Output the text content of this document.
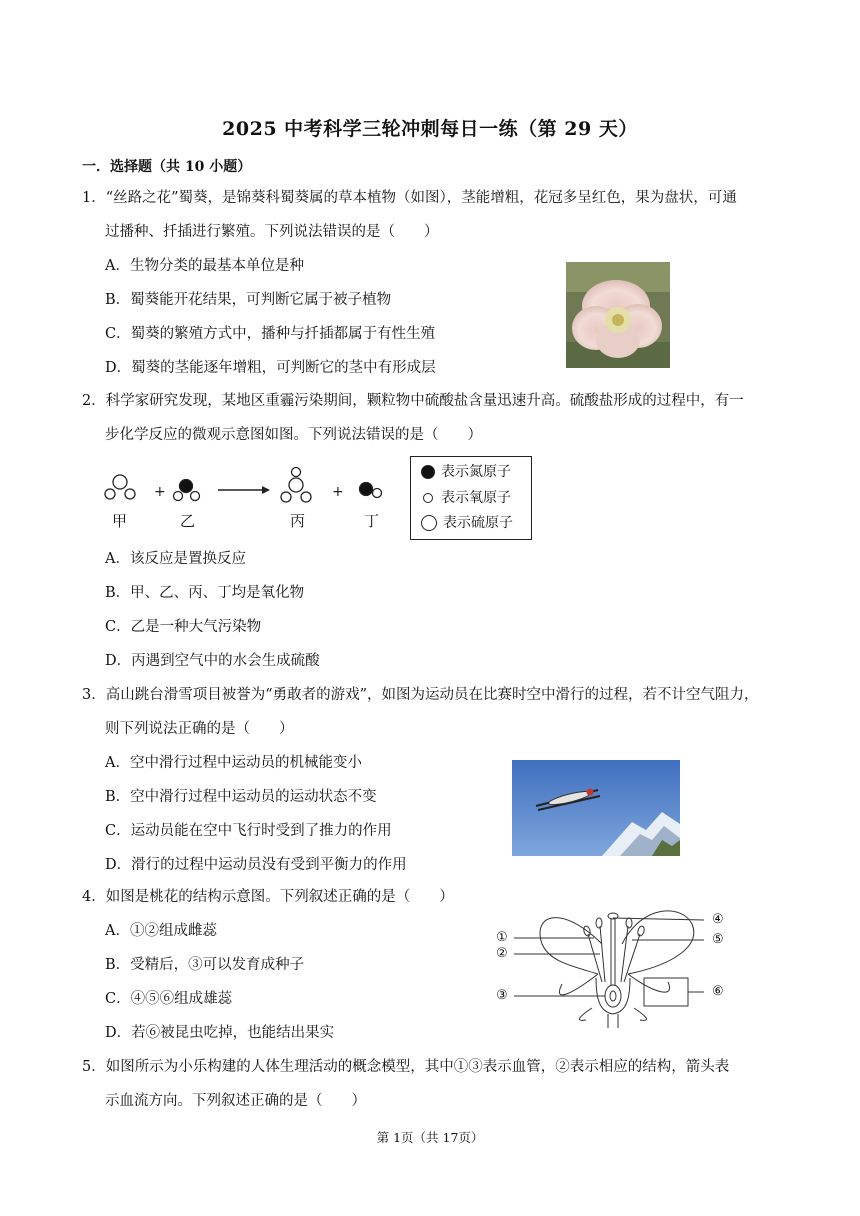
2025 中考科学三轮冲刺每日一练（第 29 天）
一．选择题（共 10 小题）
1．“丝路之花”蜀葵，是锦葵科蜀葵属的草本植物（如图），茎能增粗，花冠多呈红色，果为盘状，可通
过播种、扦插进行繁殖。下列说法错误的是（　　）
A．生物分类的最基本单位是种
B．蜀葵能开花结果，可判断它属于被子植物
C．蜀葵的繁殖方式中，播种与扦插都属于有性生殖
D．蜀葵的茎能逐年增粗，可判断它的茎中有形成层
2．科学家研究发现，某地区重霾污染期间，颗粒物中硫酸盐含量迅速升高。硫酸盐形成的过程中，有一
步化学反应的微观示意图如图。下列说法错误的是（　　）
+	+
甲	乙	丙	丁
表示氮原子
表示氧原子
表示硫原子
A．该反应是置换反应
B．甲、乙、丙、丁均是氧化物
C．乙是一种大气污染物
D．丙遇到空气中的水会生成硫酸
3．高山跳台滑雪项目被誉为“勇敢者的游戏”，如图为运动员在比赛时空中滑行的过程，若不计空气阻力，
则下列说法正确的是（　　）
A．空中滑行过程中运动员的机械能变小
B．空中滑行过程中运动员的运动状态不变
C．运动员能在空中飞行时受到了推力的作用
D．滑行的过程中运动员没有受到平衡力的作用
4．如图是桃花的结构示意图。下列叙述正确的是（　　）
A．①②组成雌蕊
B．受精后，③可以发育成种子
C．④⑤⑥组成雄蕊
D．若⑥被昆虫吃掉，也能结出果实
①
②
③
④
⑤
⑥
5．如图所示为小乐构建的人体生理活动的概念模型，其中①③表示血管，②表示相应的结构，箭头表
示血流方向。下列叙述正确的是（　　）
第 1页（共 17页）
